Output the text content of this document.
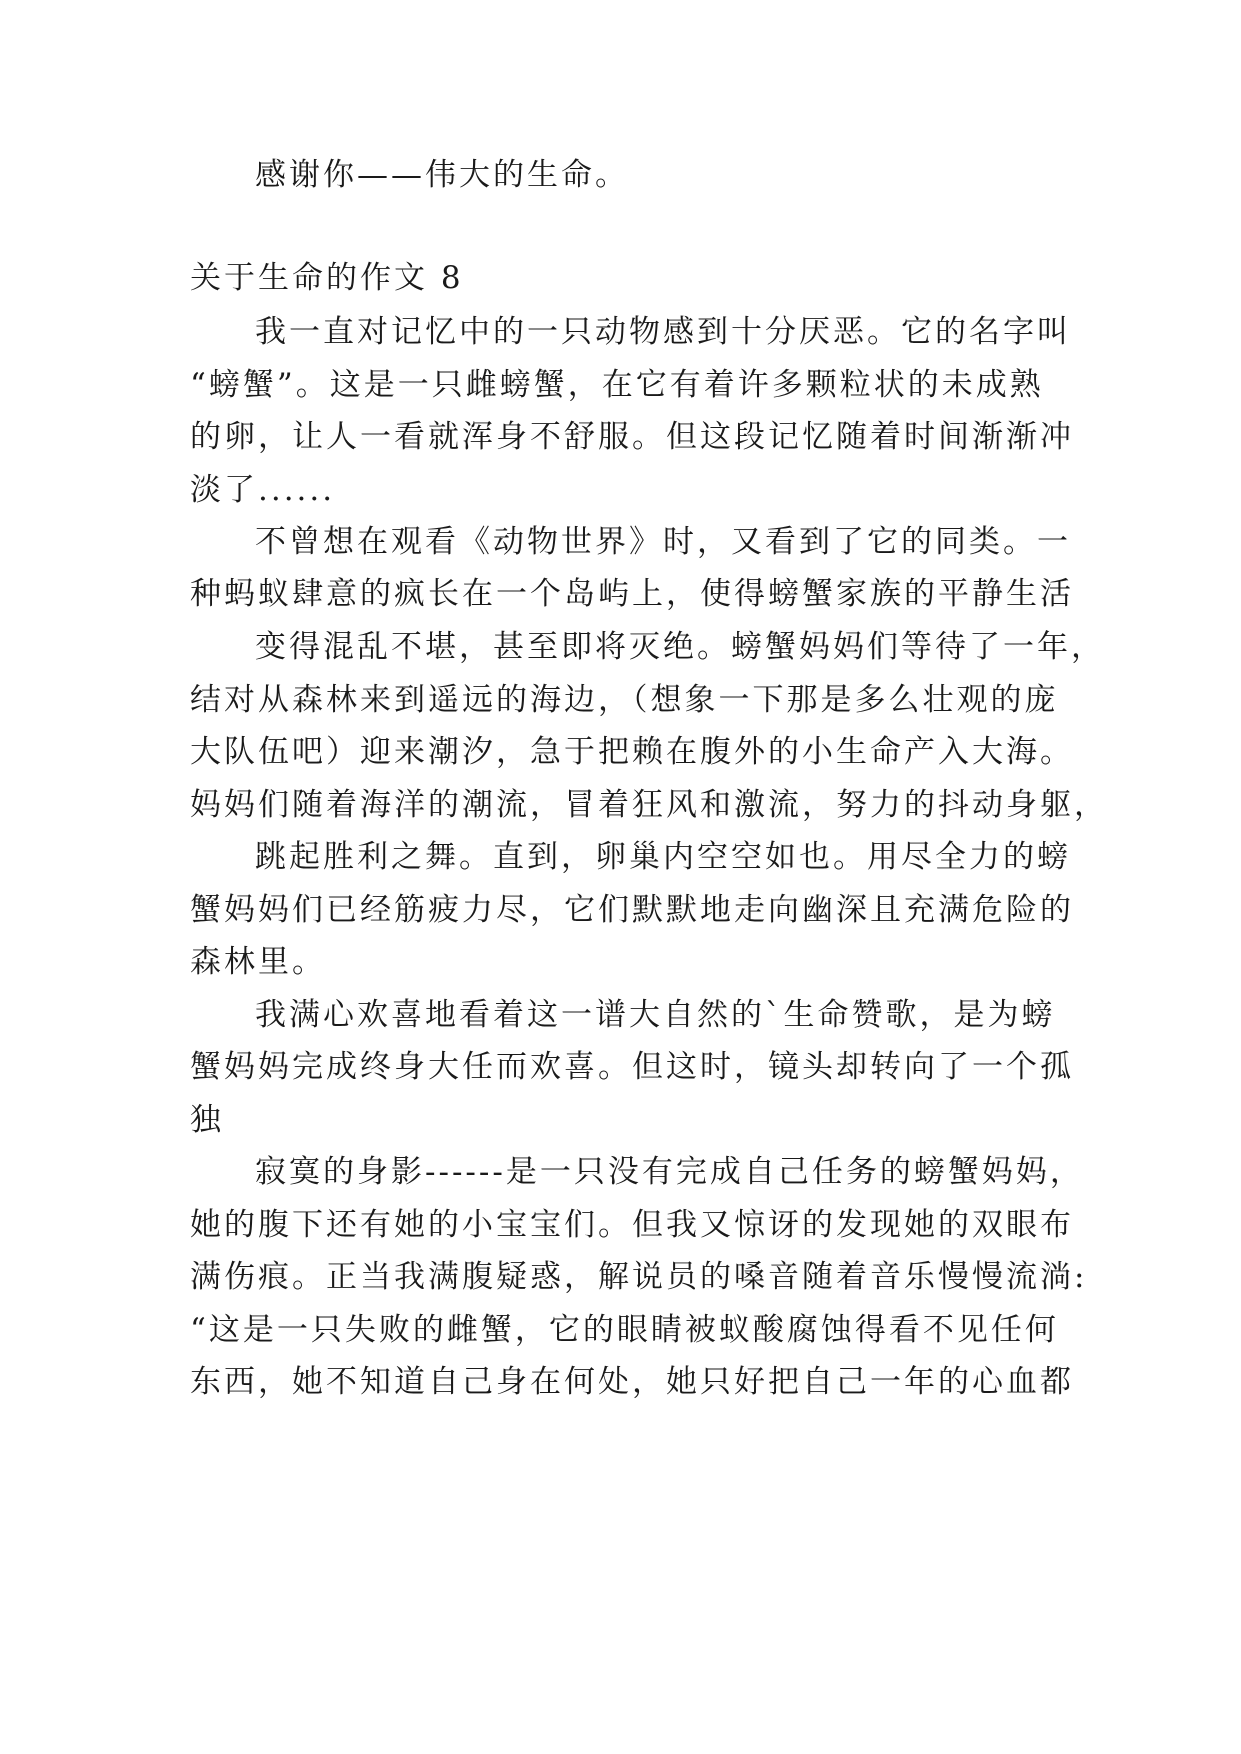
感谢你——伟大的生命。
关于生命的作文 8
我一直对记忆中的一只动物感到十分厌恶。它的名字叫
“螃蟹”。这是一只雌螃蟹，在它有着许多颗粒状的未成熟
的卵，让人一看就浑身不舒服。但这段记忆随着时间渐渐冲
淡了......
不曾想在观看《动物世界》时，又看到了它的同类。一
种蚂蚁肆意的疯长在一个岛屿上，使得螃蟹家族的平静生活
变得混乱不堪，甚至即将灭绝。螃蟹妈妈们等待了一年，
结对从森林来到遥远的海边，（想象一下那是多么壮观的庞
大队伍吧）迎来潮汐，急于把赖在腹外的小生命产入大海。
妈妈们随着海洋的潮流，冒着狂风和激流，努力的抖动身躯，
跳起胜利之舞。直到，卵巢内空空如也。用尽全力的螃
蟹妈妈们已经筋疲力尽，它们默默地走向幽深且充满危险的
森林里。
我满心欢喜地看着这一谱大自然的`生命赞歌，是为螃
蟹妈妈完成终身大任而欢喜。但这时，镜头却转向了一个孤
独
寂寞的身影------是一只没有完成自己任务的螃蟹妈妈，
她的腹下还有她的小宝宝们。但我又惊讶的发现她的双眼布
满伤痕。正当我满腹疑惑，解说员的嗓音随着音乐慢慢流淌:
“这是一只失败的雌蟹，它的眼睛被蚁酸腐蚀得看不见任何
东西，她不知道自己身在何处，她只好把自己一年的心血都
